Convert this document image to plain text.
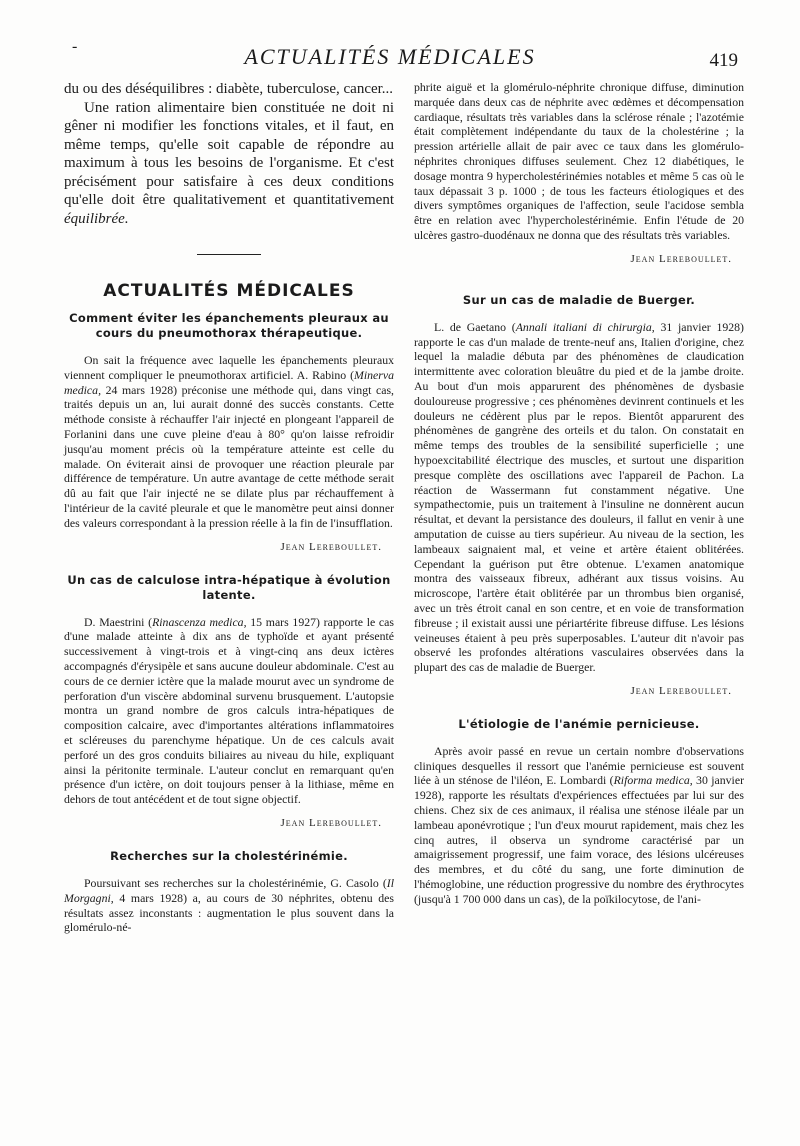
-	ACTUALITÉS MÉDICALES	419

du ou des déséquilibres : diabète, tuberculose, cancer...

Une ration alimentaire bien constituée ne doit ni gêner ni modifier les fonctions vitales, et il faut, en même temps, qu'elle soit capable de répondre au maximum à tous les besoins de l'organisme. Et c'est précisément pour satisfaire à ces deux conditions qu'elle doit être qualitativement et quantitativement équilibrée.

ACTUALITÉS MÉDICALES
Comment éviter les épanchements pleuraux au cours du pneumothorax thérapeutique.

On sait la fréquence avec laquelle les épanchements pleuraux viennent compliquer le pneumothorax artificiel. A. Rabino (Minerva medica, 24 mars 1928) préconise une méthode qui, dans vingt cas, traités depuis un an, lui aurait donné des succès constants. Cette méthode consiste à réchauffer l'air injecté en plongeant l'appareil de Forlanini dans une cuve pleine d'eau à 80° qu'on laisse refroidir jusqu'au moment précis où la température atteinte est celle du malade. On éviterait ainsi de provoquer une réaction pleurale par différence de température. Un autre avantage de cette méthode serait dû au fait que l'air injecté ne se dilate plus par réchauffement à l'intérieur de la cavité pleurale et que le manomètre peut ainsi donner des valeurs correspondant à la pression réelle à la fin de l'insufflation.

Jean Lereboullet.
Un cas de calculose intra-hépatique à évolution latente.

D. Maestrini (Rinascenza medica, 15 mars 1927) rapporte le cas d'une malade atteinte à dix ans de typhoïde et ayant présenté successivement à vingt-trois et à vingt-cinq ans deux ictères accompagnés d'érysipèle et sans aucune douleur abdominale. C'est au cours de ce dernier ictère que la malade mourut avec un syndrome de perforation d'un viscère abdominal survenu brusquement. L'autopsie montra un grand nombre de gros calculs intra-hépatiques de composition calcaire, avec d'importantes altérations inflammatoires et scléreuses du parenchyme hépatique. Un de ces calculs avait perforé un des gros conduits biliaires au niveau du hile, expliquant ainsi la péritonite terminale. L'auteur conclut en remarquant qu'en présence d'un ictère, on doit toujours penser à la lithiase, même en dehors de tout antécédent et de tout signe objectif.

Jean Lereboullet.
Recherches sur la cholestérinémie.

Poursuivant ses recherches sur la cholestérinémie, G. Casolo (Il Morgagni, 4 mars 1928) a, au cours de 30 néphrites, obtenu des résultats assez inconstants : augmentation le plus souvent dans la glomérulo-né-

phrite aiguë et la glomérulo-néphrite chronique diffuse, diminution marquée dans deux cas de néphrite avec œdèmes et décompensation cardiaque, résultats très variables dans la sclérose rénale ; l'azotémie était complètement indépendante du taux de la cholestérine ; la pression artérielle allait de pair avec ce taux dans les glomérulo-néphrites chroniques diffuses seulement. Chez 12 diabétiques, le dosage montra 9 hypercholestérinémies notables et même 5 cas où le taux dépassait 3 p. 1000 ; de tous les facteurs étiologiques et des divers symptômes organiques de l'affection, seule l'acidose sembla être en relation avec l'hypercholestérinémie. Enfin l'étude de 20 ulcères gastro-duodénaux ne donna que des résultats très variables.

Jean Lereboullet.
Sur un cas de maladie de Buerger.

L. de Gaetano (Annali italiani di chirurgia, 31 janvier 1928) rapporte le cas d'un malade de trente-neuf ans, Italien d'origine, chez lequel la maladie débuta par des phénomènes de claudication intermittente avec coloration bleuâtre du pied et de la jambe droite. Au bout d'un mois apparurent des phénomènes de dysbasie douloureuse progressive ; ces phénomènes devinrent continuels et les douleurs ne cédèrent plus par le repos. Bientôt apparurent des phénomènes de gangrène des orteils et du talon. On constatait en même temps des troubles de la sensibilité superficielle ; une hypoexcitabilité électrique des muscles, et surtout une disparition presque complète des oscillations avec l'appareil de Pachon. La réaction de Wassermann fut constamment négative. Une sympathectomie, puis un traitement à l'insuline ne donnèrent aucun résultat, et devant la persistance des douleurs, il fallut en venir à une amputation de cuisse au tiers supérieur. Au niveau de la section, les lambeaux saignaient mal, et veine et artère étaient oblitérées. Cependant la guérison put être obtenue. L'examen anatomique montra des vaisseaux fibreux, adhérant aux tissus voisins. Au microscope, l'artère était oblitérée par un thrombus bien organisé, avec un très étroit canal en son centre, et en voie de transformation fibreuse ; il existait aussi une périartérite fibreuse diffuse. Les lésions veineuses étaient à peu près superposables. L'auteur dit n'avoir pas observé les profondes altérations vasculaires observées dans la plupart des cas de maladie de Buerger.

Jean Lereboullet.
L'étiologie de l'anémie pernicieuse.

Après avoir passé en revue un certain nombre d'observations cliniques desquelles il ressort que l'anémie pernicieuse est souvent liée à un sténose de l'iléon, E. Lombardi (Riforma medica, 30 janvier 1928), rapporte les résultats d'expériences effectuées par lui sur des chiens. Chez six de ces animaux, il réalisa une sténose iléale par un lambeau aponévrotique ; l'un d'eux mourut rapidement, mais chez les cinq autres, il observa un syndrome caractérisé par un amaigrissement progressif, une faim vorace, des lésions ulcéreuses des membres, et du côté du sang, une forte diminution de l'hémoglobine, une réduction progressive du nombre des érythrocytes (jusqu'à 1 700 000 dans un cas), de la poïkilocytose, de l'ani-
